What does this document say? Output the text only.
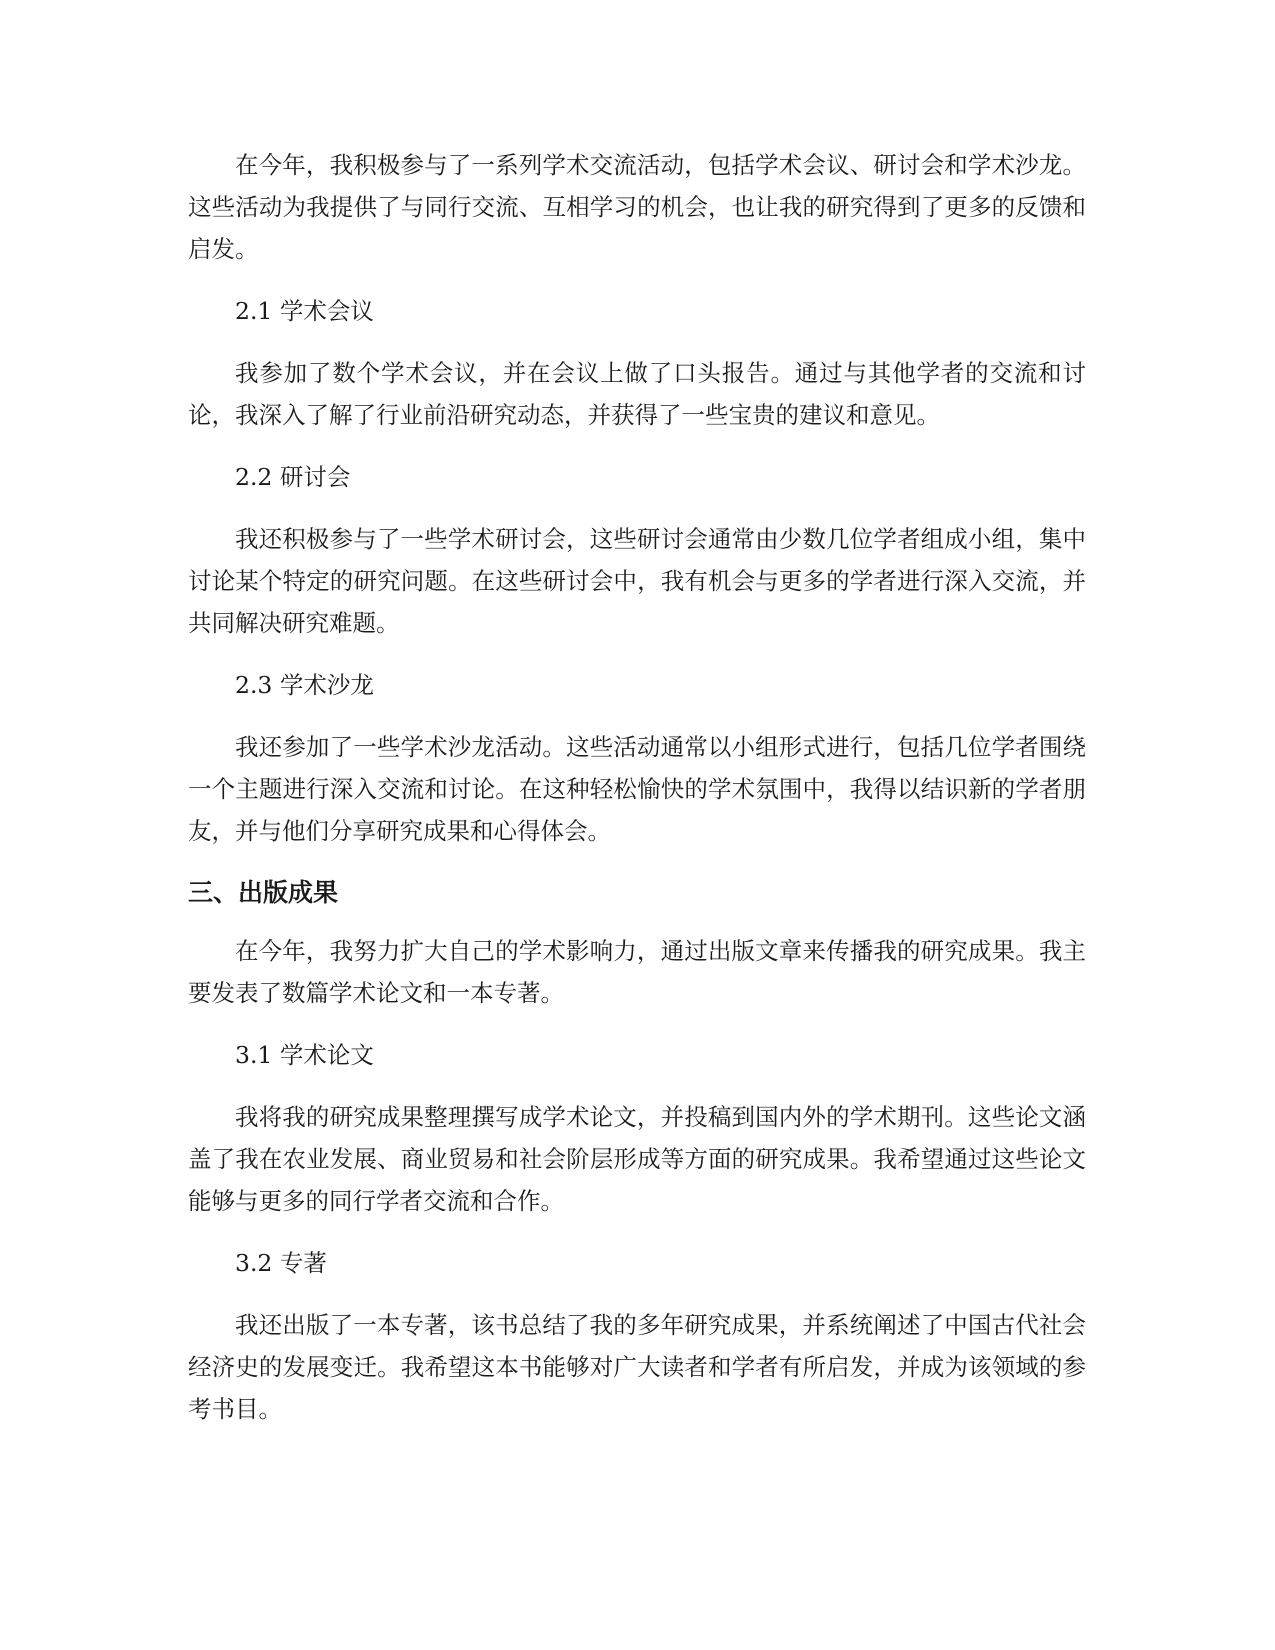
在今年，我积极参与了一系列学术交流活动，包括学术会议、研讨会和学术沙龙。这些活动为我提供了与同行交流、互相学习的机会，也让我的研究得到了更多的反馈和启发。

2.1 学术会议

我参加了数个学术会议，并在会议上做了口头报告。通过与其他学者的交流和讨论，我深入了解了行业前沿研究动态，并获得了一些宝贵的建议和意见。

2.2 研讨会

我还积极参与了一些学术研讨会，这些研讨会通常由少数几位学者组成小组，集中讨论某个特定的研究问题。在这些研讨会中，我有机会与更多的学者进行深入交流，并共同解决研究难题。

2.3 学术沙龙

我还参加了一些学术沙龙活动。这些活动通常以小组形式进行，包括几位学者围绕一个主题进行深入交流和讨论。在这种轻松愉快的学术氛围中，我得以结识新的学者朋友，并与他们分享研究成果和心得体会。

三、出版成果

在今年，我努力扩大自己的学术影响力，通过出版文章来传播我的研究成果。我主要发表了数篇学术论文和一本专著。

3.1 学术论文

我将我的研究成果整理撰写成学术论文，并投稿到国内外的学术期刊。这些论文涵盖了我在农业发展、商业贸易和社会阶层形成等方面的研究成果。我希望通过这些论文能够与更多的同行学者交流和合作。

3.2 专著

我还出版了一本专著，该书总结了我的多年研究成果，并系统阐述了中国古代社会经济史的发展变迁。我希望这本书能够对广大读者和学者有所启发，并成为该领域的参考书目。
